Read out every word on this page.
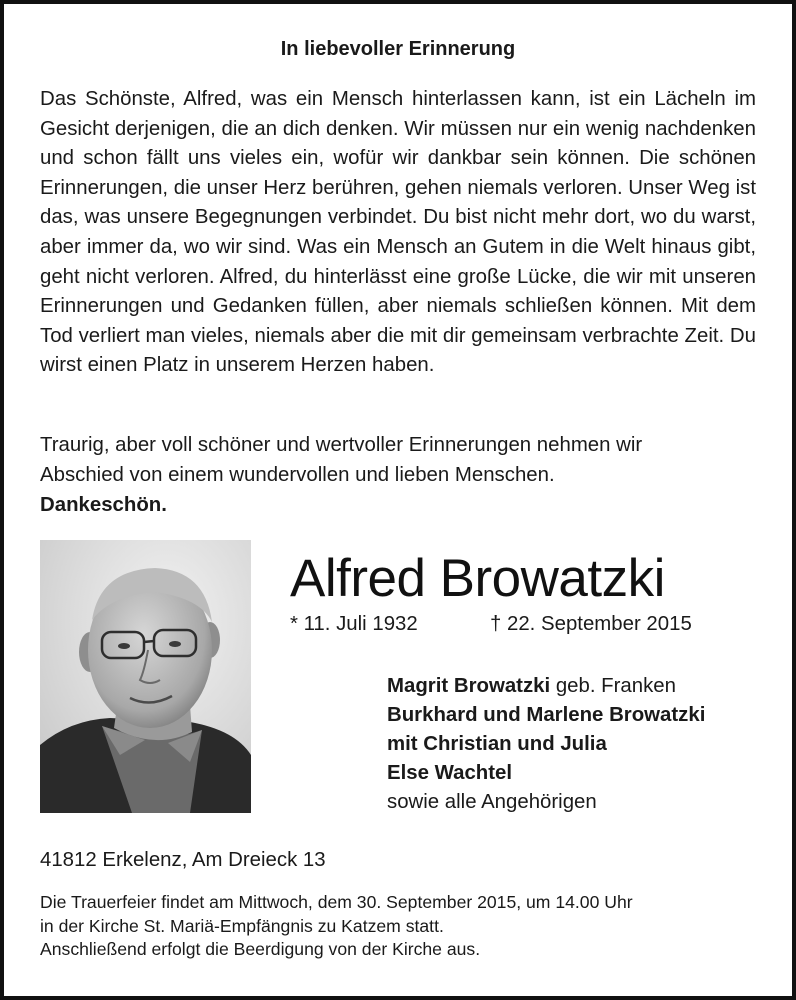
In liebevoller Erinnerung
Das Schönste, Alfred, was ein Mensch hinterlassen kann, ist ein Lächeln im Gesicht derjenigen, die an dich denken. Wir müssen nur ein wenig nachdenken und schon fällt uns vieles ein, wofür wir dankbar sein können. Die schönen Erinnerungen, die unser Herz berühren, gehen niemals verloren. Unser Weg ist das, was unsere Begegnungen verbindet. Du bist nicht mehr dort, wo du warst, aber immer da, wo wir sind. Was ein Mensch an Gutem in die Welt hinaus gibt, geht nicht verloren. Alfred, du hinterlässt eine große Lücke, die wir mit unseren Erinnerungen und Gedanken füllen, aber niemals schließen können. Mit dem Tod verliert man vieles, niemals aber die mit dir gemeinsam verbrachte Zeit. Du wirst einen Platz in unserem Herzen haben.

Traurig, aber voll schöner und wertvoller Erinnerungen nehmen wir

Abschied von einem wundervollen und lieben Menschen.

Dankeschön.

Alfred Browatzki
* 11. Juli 1932	† 22. September 2015
Magrit Browatzki geb. Franken
Burkhard und Marlene Browatzki
mit Christian und Julia
Else Wachtel
sowie alle Angehörigen
41812 Erkelenz, Am Dreieck 13
Die Trauerfeier findet am Mittwoch, dem 30. September 2015, um 14.00 Uhr
in der Kirche St. Mariä-Empfängnis zu Katzem statt.
Anschließend erfolgt die Beerdigung von der Kirche aus.
